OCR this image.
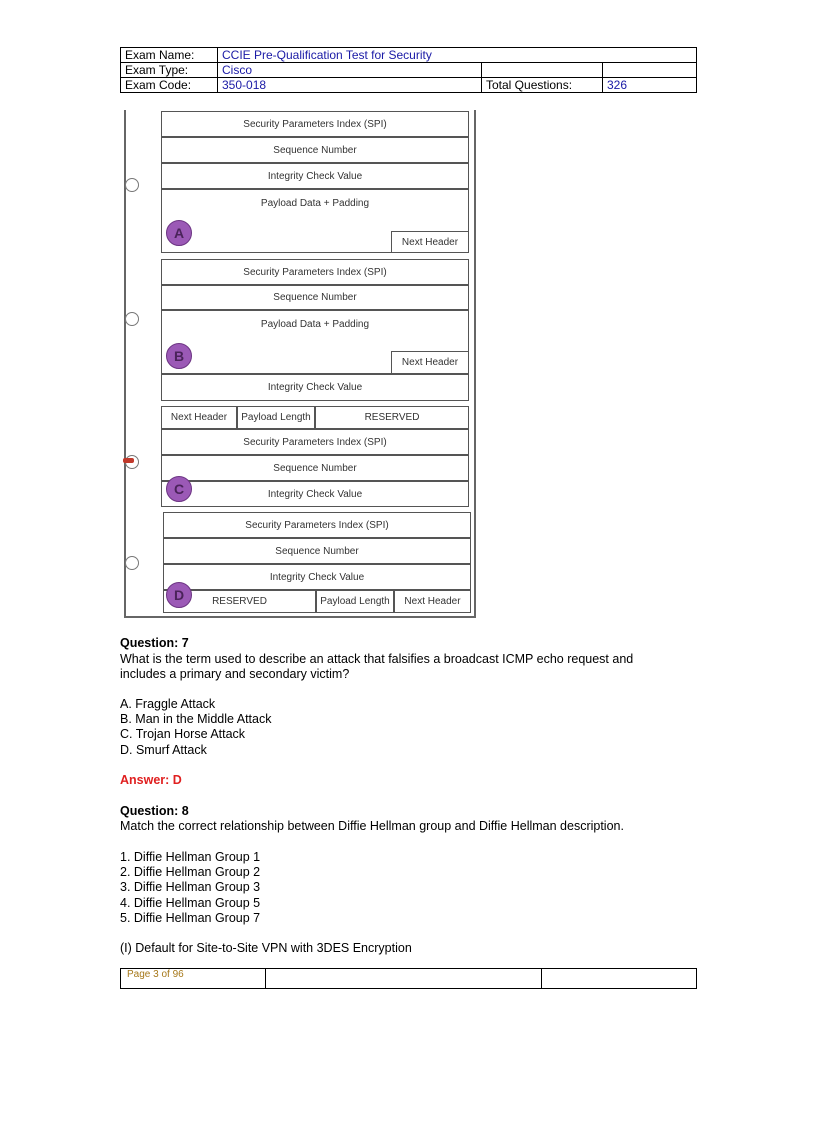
Exam Name:	CCIE Pre-Qualification Test for Security		
Exam Type:	Cisco		
Exam Code:	350-018	Total Questions:	326
Security Parameters Index (SPI)
Sequence Number
Integrity Check Value
Payload Data + Padding
Next Header
A
Security Parameters Index (SPI)
Sequence Number
Payload Data + Padding
Next Header
B
Integrity Check Value
Next Header	Payload Length	RESERVED
Security Parameters Index (SPI)
Sequence Number
Integrity Check Value
C
Security Parameters Index (SPI)
Sequence Number
Integrity Check Value
RESERVED	Payload Length	Next Header
D
Question: 7
What is the term used to describe an attack that falsifies a broadcast ICMP echo request and
includes a primary and secondary victim?
A. Fraggle Attack
B. Man in the Middle Attack
C. Trojan Horse Attack
D. Smurf Attack
Answer: D
Question: 8
Match the correct relationship between Diffie Hellman group and Diffie Hellman description.
1. Diffie Hellman Group 1
2. Diffie Hellman Group 2
3. Diffie Hellman Group 3
4. Diffie Hellman Group 5
5. Diffie Hellman Group 7
(I) Default for Site-to-Site VPN with 3DES Encryption
Page 3 of 96		
